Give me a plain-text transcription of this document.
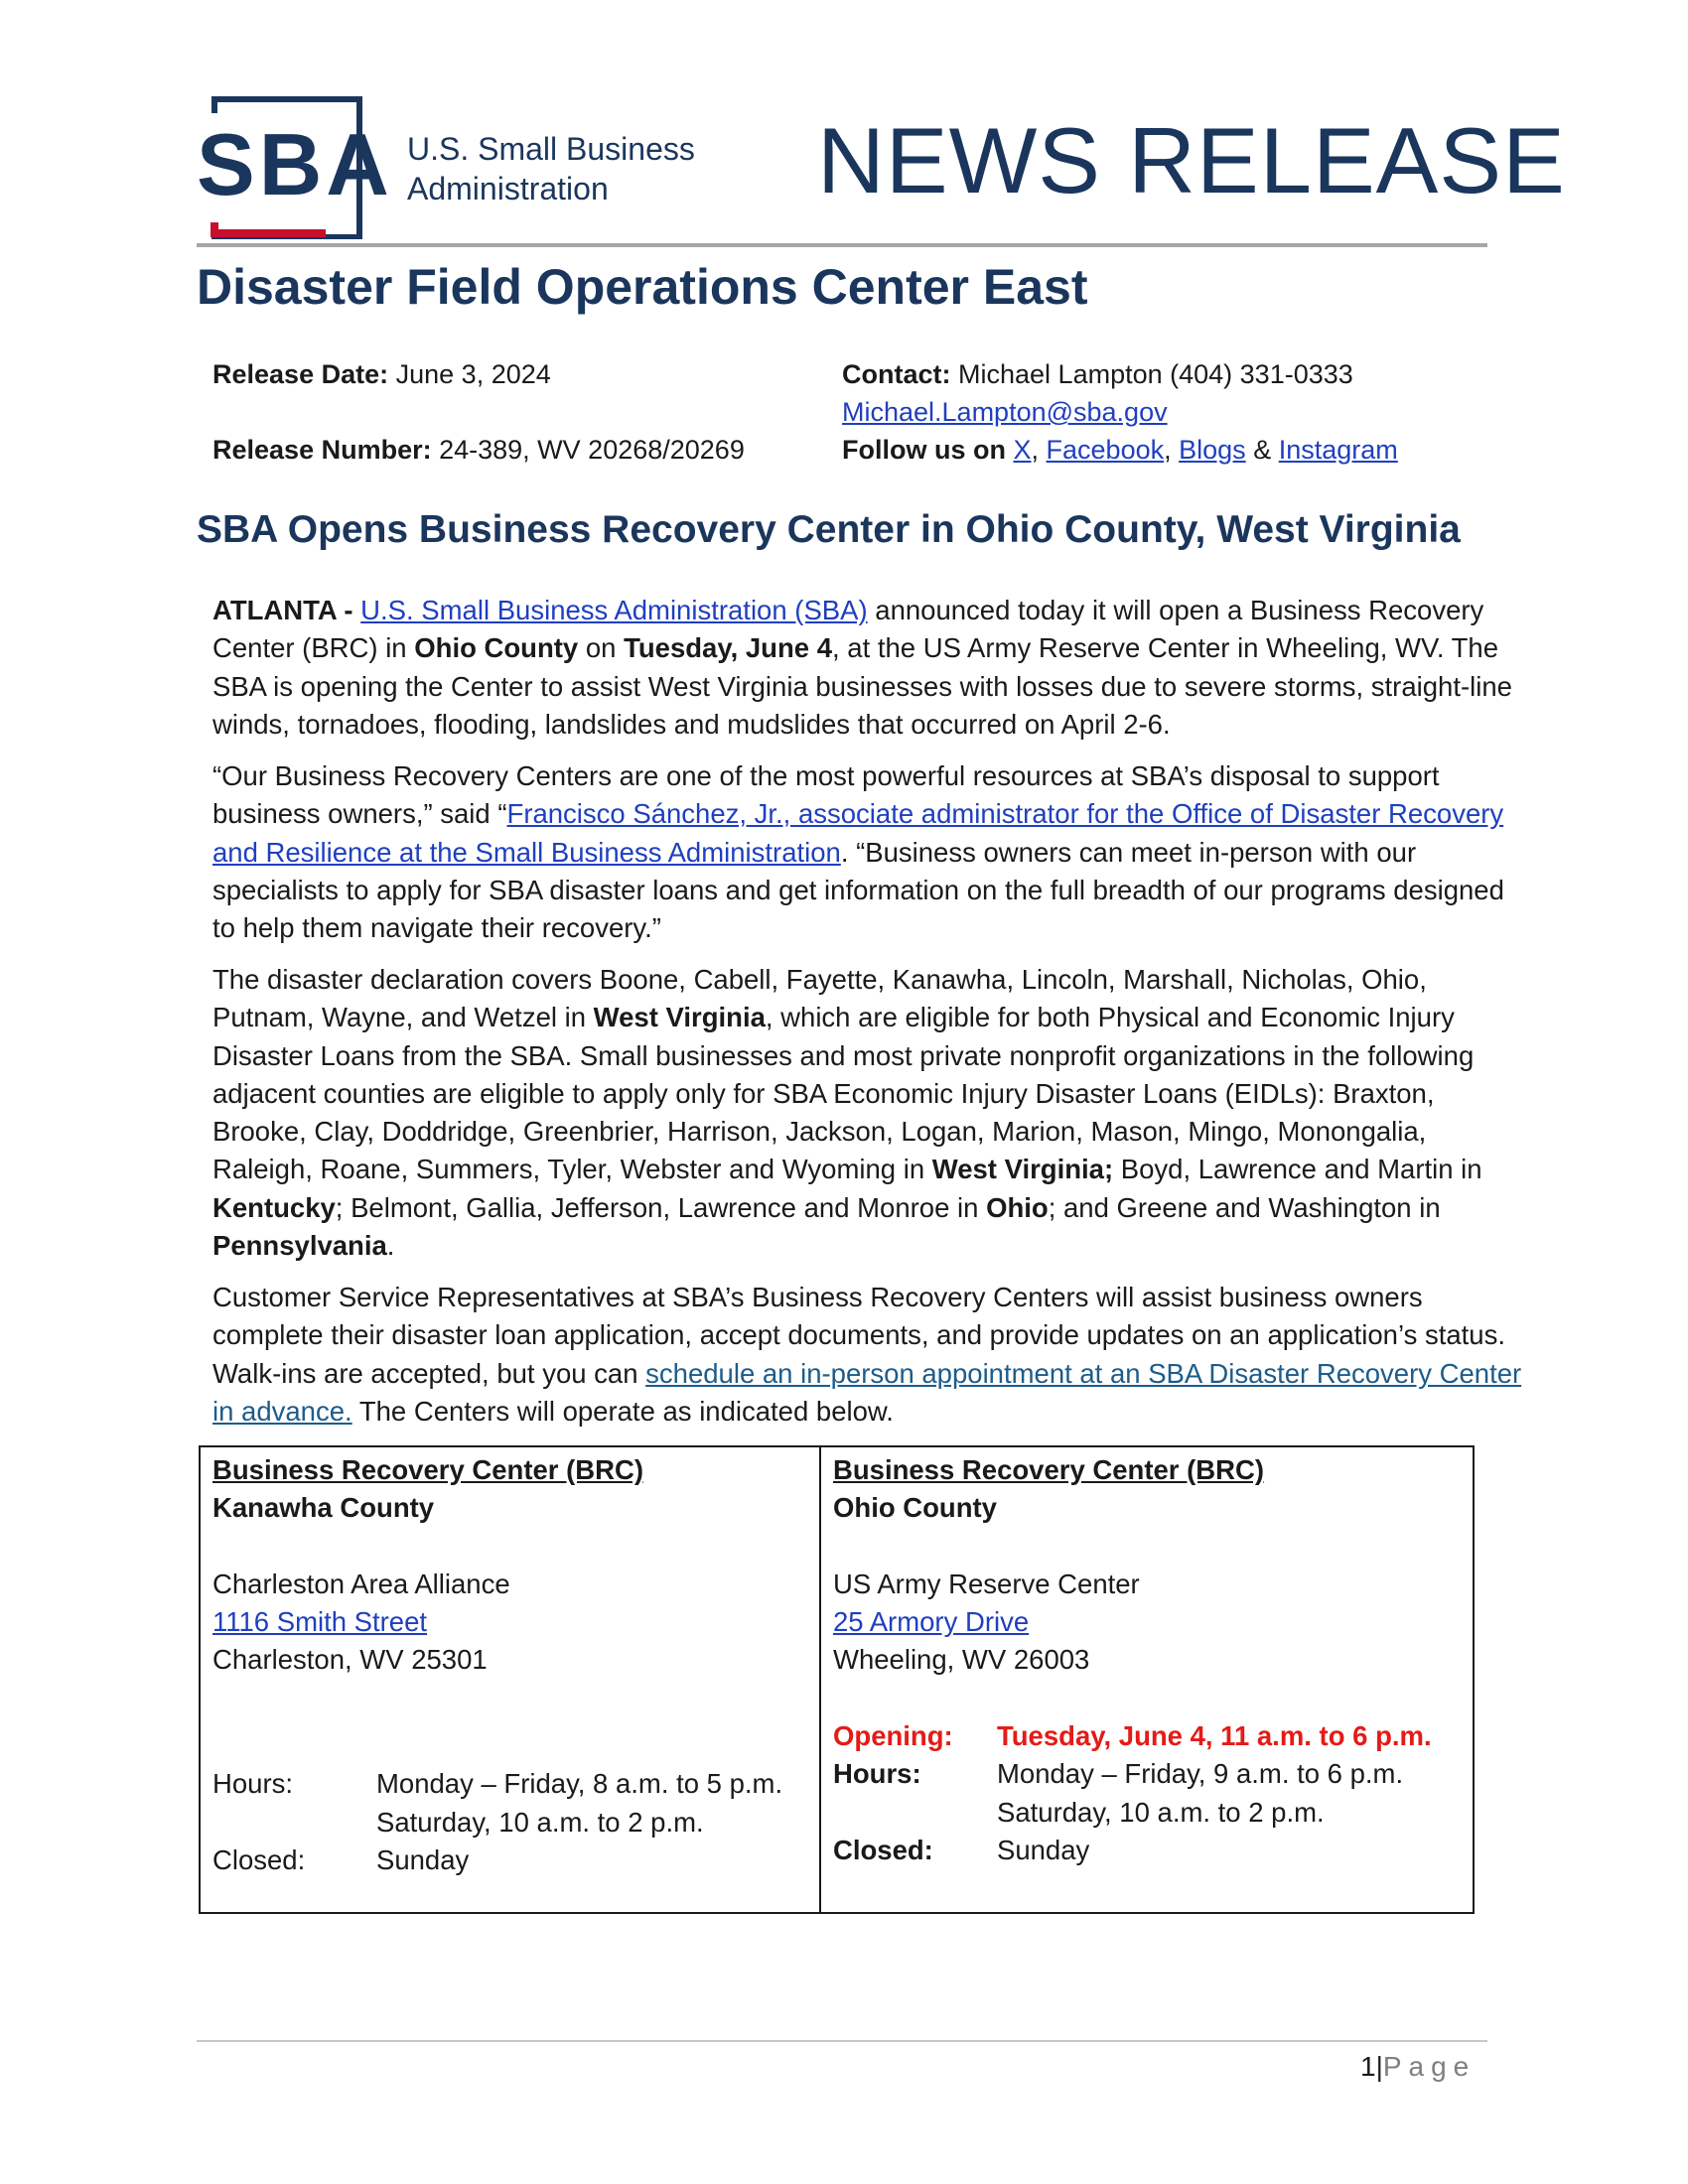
SBA U.S. Small Business
Administration	NEWS RELEASE
Disaster Field Operations Center East
Release Date: June 3, 2024
Release Number: 24-389, WV 20268/20269
Contact: Michael Lampton (404) 331-0333
Michael.Lampton@sba.gov
Follow us on X, Facebook, Blogs & Instagram
SBA Opens Business Recovery Center in Ohio County, West Virginia

ATLANTA - U.S. Small Business Administration (SBA) announced today it will open a Business Recovery Center (BRC) in Ohio County on Tuesday, June 4, at the US Army Reserve Center in Wheeling, WV. The SBA is opening the Center to assist West Virginia businesses with losses due to severe storms, straight-line winds, tornadoes, flooding, landslides and mudslides that occurred on April 2-6.

“Our Business Recovery Centers are one of the most powerful resources at SBA’s disposal to support business owners,” said “Francisco Sánchez, Jr., associate administrator for the Office of Disaster Recovery and Resilience at the Small Business Administration. “Business owners can meet in-person with our specialists to apply for SBA disaster loans and get information on the full breadth of our programs designed to help them navigate their recovery.”

The disaster declaration covers Boone, Cabell, Fayette, Kanawha, Lincoln, Marshall, Nicholas, Ohio, Putnam, Wayne, and Wetzel in West Virginia, which are eligible for both Physical and Economic Injury Disaster Loans from the SBA. Small businesses and most private nonprofit organizations in the following adjacent counties are eligible to apply only for SBA Economic Injury Disaster Loans (EIDLs): Braxton, Brooke, Clay, Doddridge, Greenbrier, Harrison, Jackson, Logan, Marion, Mason, Mingo, Monongalia, Raleigh, Roane, Summers, Tyler, Webster and Wyoming in West Virginia; Boyd, Lawrence and Martin in Kentucky; Belmont, Gallia, Jefferson, Lawrence and Monroe in Ohio; and Greene and Washington in Pennsylvania.

Customer Service Representatives at SBA’s Business Recovery Centers will assist business owners complete their disaster loan application, accept documents, and provide updates on an application’s status. Walk-ins are accepted, but you can schedule an in-person appointment at an SBA Disaster Recovery Center in advance. The Centers will operate as indicated below.

Business Recovery Center (BRC)
Kanawha County

Charleston Area Alliance
1116 Smith Street
Charleston, WV 25301

Hours:	Monday – Friday, 8 a.m. to 5 p.m.
Saturday, 10 a.m. to 2 p.m.
Closed:	Sunday
Business Recovery Center (BRC)
Ohio County

US Army Reserve Center
25 Armory Drive
Wheeling, WV 26003

Opening: Tuesday, June 4, 11 a.m. to 6 p.m.
Hours:	Monday – Friday, 9 a.m. to 6 p.m.
Saturday, 10 a.m. to 2 p.m.
Closed: Sunday
1|Page
